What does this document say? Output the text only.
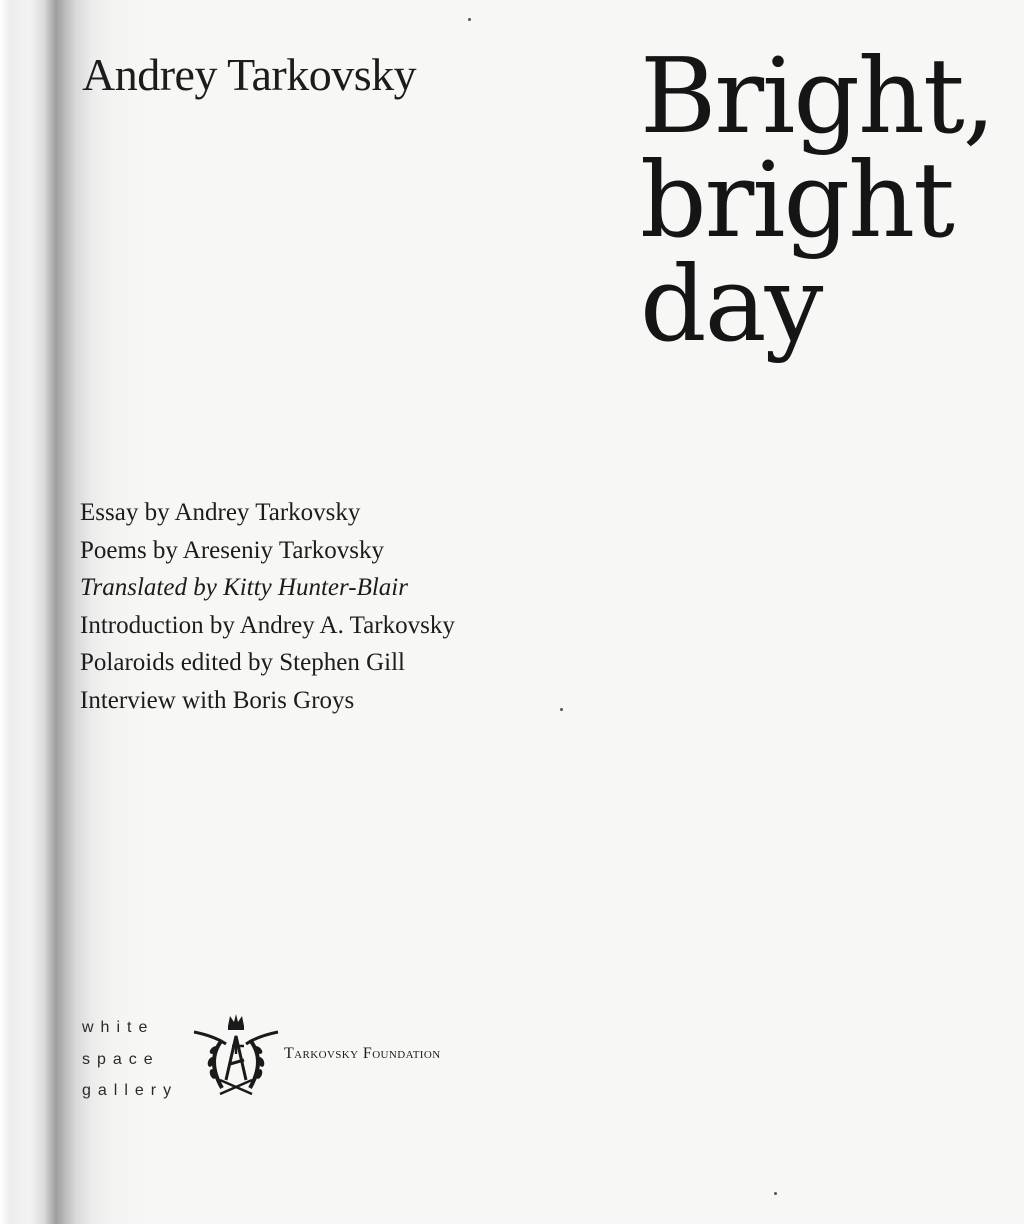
Andrey Tarkovsky Bright,
bright
day
Essay by Andrey Tarkovsky
Poems by Areseniy Tarkovsky
Translated by Kitty Hunter-Blair
Introduction by Andrey A. Tarkovsky
Polaroids edited by Stephen Gill
Interview with Boris Groys
white
space
gallery
Tarkovsky Foundation
